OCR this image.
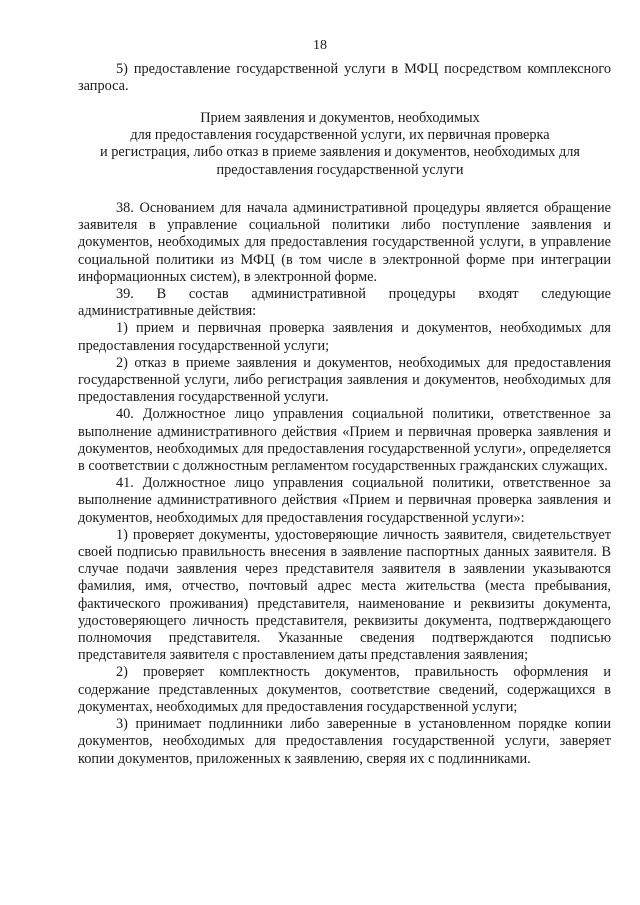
18

5) предоставление государственной услуги в МФЦ посредством комплексного запроса.

Прием заявления и документов, необходимых
для предоставления государственной услуги, их первичная проверка
и регистрация, либо отказ в приеме заявления и документов, необходимых для
предоставления государственной услуги

38. Основанием для начала административной процедуры является обращение заявителя в управление социальной политики либо поступление заявления и документов, необходимых для предоставления государственной услуги, в управление социальной политики из МФЦ (в том числе в электронной форме при интеграции информационных систем), в электронной форме.

39. В состав административной процедуры входят следующие административные действия:

1) прием и первичная проверка заявления и документов, необходимых для предоставления государственной услуги;

2) отказ в приеме заявления и документов, необходимых для предоставления государственной услуги, либо регистрация заявления и документов, необходимых для предоставления государственной услуги.

40. Должностное лицо управления социальной политики, ответственное за выполнение административного действия «Прием и первичная проверка заявления и документов, необходимых для предоставления государственной услуги», определяется в соответствии с должностным регламентом государственных гражданских служащих.

41. Должностное лицо управления социальной политики, ответственное за выполнение административного действия «Прием и первичная проверка заявления и документов, необходимых для предоставления государственной услуги»:

1) проверяет документы, удостоверяющие личность заявителя, свидетельствует своей подписью правильность внесения в заявление паспортных данных заявителя. В случае подачи заявления через представителя заявителя в заявлении указываются фамилия, имя, отчество, почтовый адрес места жительства (места пребывания, фактического проживания) представителя, наименование и реквизиты документа, удостоверяющего личность представителя, реквизиты документа, подтверждающего полномочия представителя. Указанные сведения подтверждаются подписью представителя заявителя с проставлением даты представления заявления;

2) проверяет комплектность документов, правильность оформления и содержание представленных документов, соответствие сведений, содержащихся в документах, необходимых для предоставления государственной услуги;

3) принимает подлинники либо заверенные в установленном порядке копии документов, необходимых для предоставления государственной услуги, заверяет копии документов, приложенных к заявлению, сверяя их с подлинниками.
